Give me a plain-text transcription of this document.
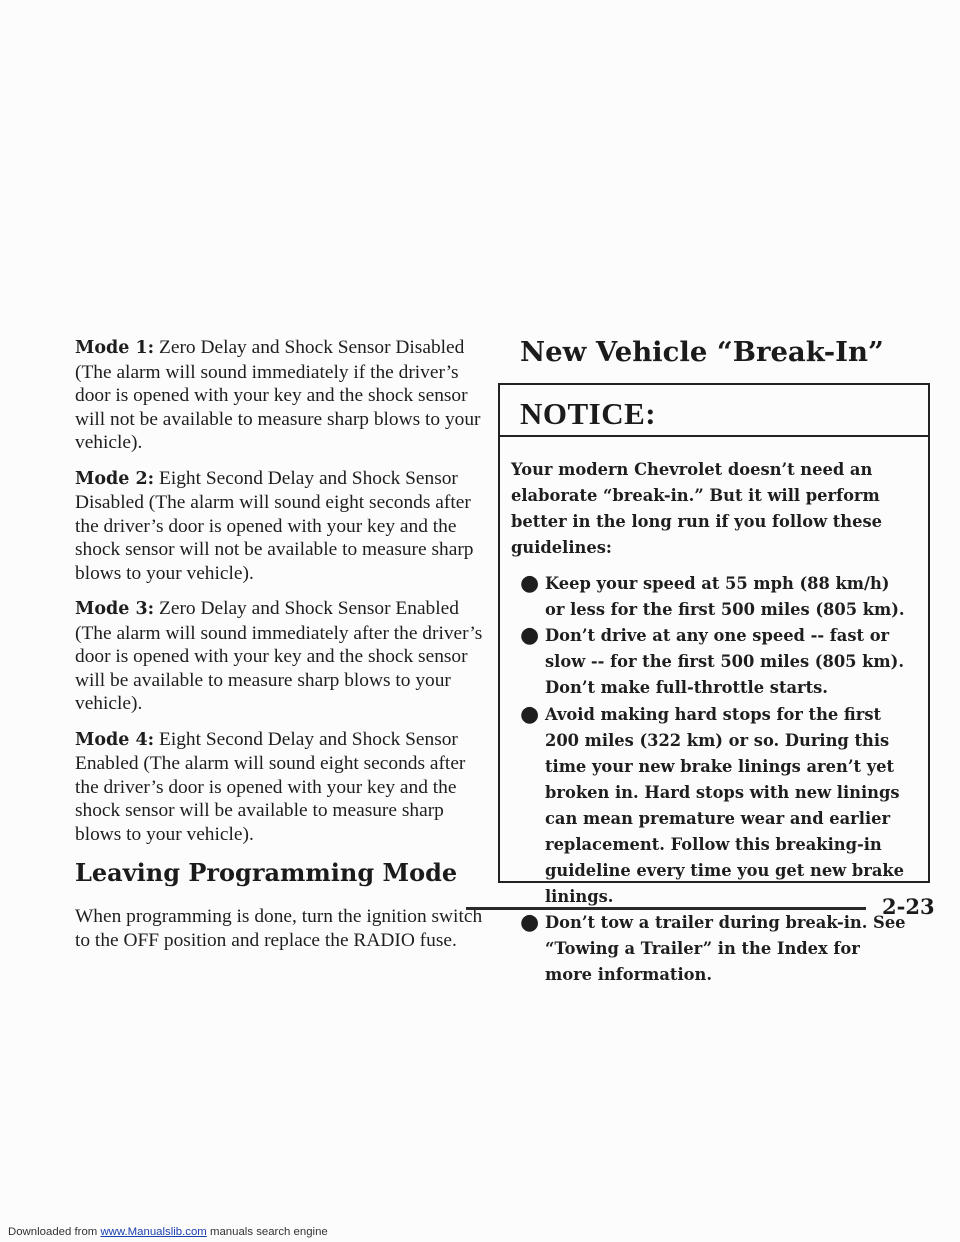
Mode 1: Zero Delay and Shock Sensor Disabled (The alarm will sound immediately if the driver’s door is opened with your key and the shock sensor will not be available to measure sharp blows to your vehicle).

Mode 2: Eight Second Delay and Shock Sensor Disabled (The alarm will sound eight seconds after the driver’s door is opened with your key and the shock sensor will not be available to measure sharp blows to your vehicle).

Mode 3: Zero Delay and Shock Sensor Enabled (The alarm will sound immediately after the driver’s door is opened with your key and the shock sensor will be available to measure sharp blows to your vehicle).

Mode 4: Eight Second Delay and Shock Sensor Enabled (The alarm will sound eight seconds after the driver’s door is opened with your key and the shock sensor will be available to measure sharp blows to your vehicle).

Leaving Programming Mode

When programming is done, turn the ignition switch to the OFF position and replace the RADIO fuse.

New Vehicle “Break-In”
NOTICE:

Your modern Chevrolet doesn’t need an elaborate “break-in.” But it will perform better in the long run if you follow these guidelines:

● Keep your speed at 55 mph (88 km/h) or less for the first 500 miles (805 km).
● Don’t drive at any one speed -- fast or slow -- for the first 500 miles (805 km). Don’t make full-throttle starts.
● Avoid making hard stops for the first 200 miles (322 km) or so. During this time your new brake linings aren’t yet broken in. Hard stops with new linings can mean premature wear and earlier replacement. Follow this breaking-in guideline every time you get new brake linings.
● Don’t tow a trailer during break-in. See “Towing a Trailer” in the Index for more information.

2-23

Downloaded from www.Manualslib.com manuals search engine
